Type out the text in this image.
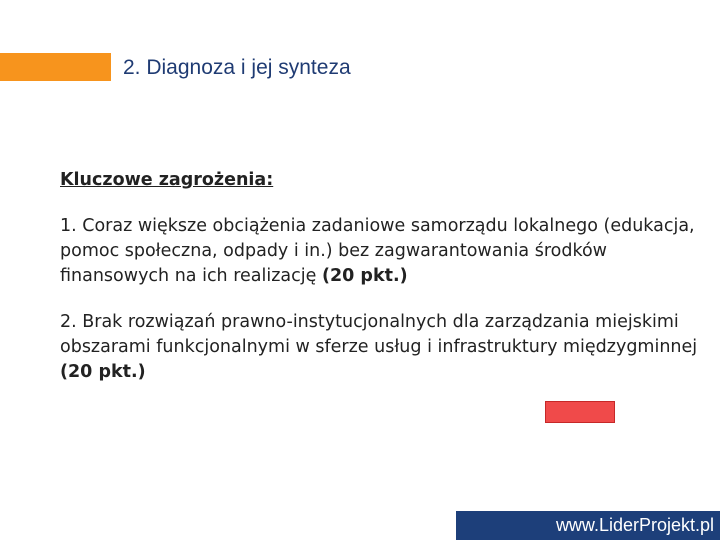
2. Diagnoza i jej synteza
Kluczowe zagrożenia:
1. Coraz większe obciążenia zadaniowe samorządu lokalnego (edukacja, pomoc społeczna, odpady i in.) bez zagwarantowania środków finansowych na ich realizację (20 pkt.)
2. Brak rozwiązań prawno-instytucjonalnych dla zarządzania miejskimi obszarami funkcjonalnymi w sferze usług i infrastruktury międzygminnej (20 pkt.)
www.LiderProjekt.pl
